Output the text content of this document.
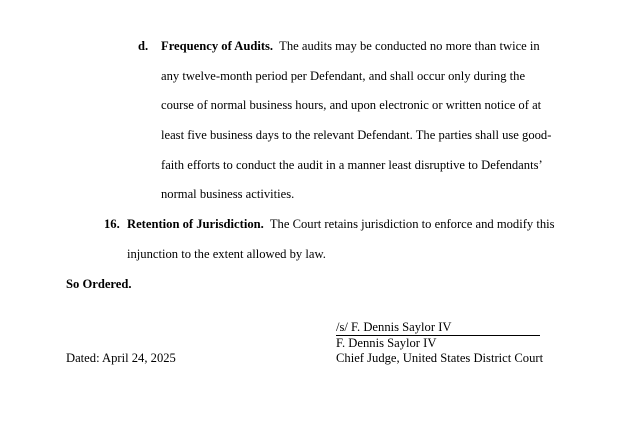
d. Frequency of Audits. The audits may be conducted no more than twice in
any twelve-month period per Defendant, and shall occur only during the
course of normal business hours, and upon electronic or written notice of at
least five business days to the relevant Defendant. The parties shall use good-
faith efforts to conduct the audit in a manner least disruptive to Defendants’
normal business activities.
16. Retention of Jurisdiction. The Court retains jurisdiction to enforce and modify this
injunction to the extent allowed by law.
So Ordered.
/s/ F. Dennis Saylor IV
F. Dennis Saylor IV
Chief Judge, United States District Court
Dated: April 24, 2025
